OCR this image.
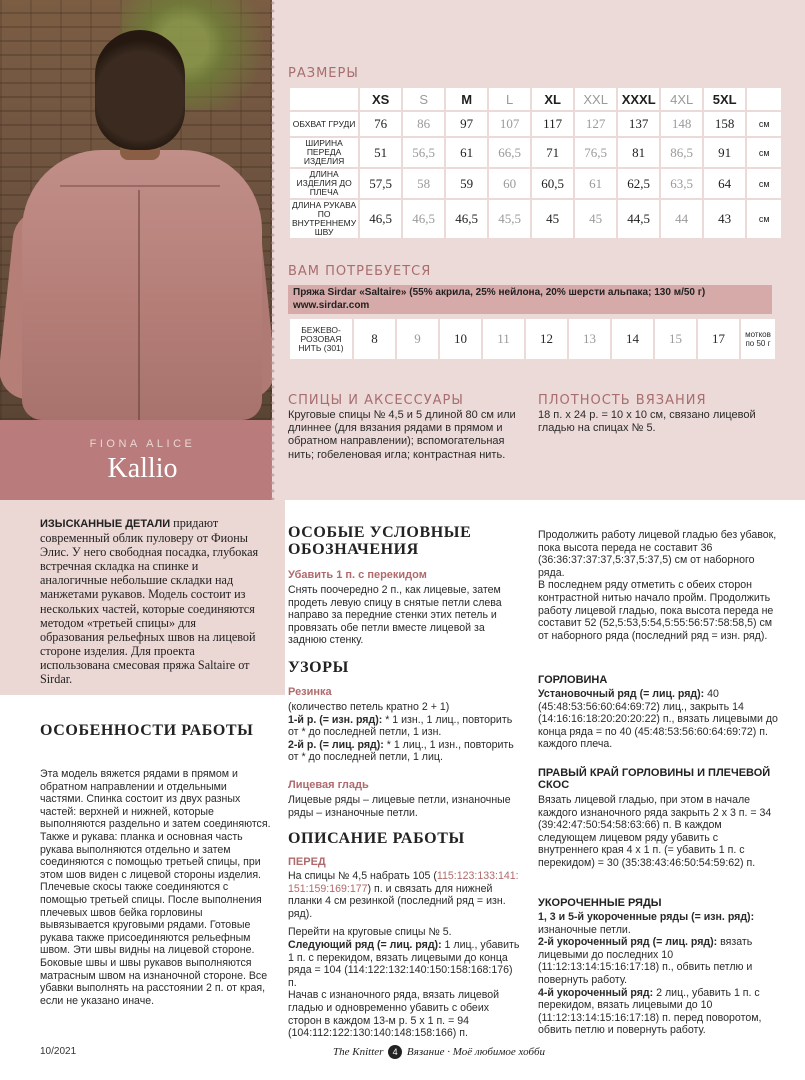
FIONA ALICE
Kallio
РАЗМЕРЫ
	XS	S	M	L	XL	XXL	XXXL	4XL	5XL	
ОБХВАТ ГРУДИ	76	86	97	107	117	127	137	148	158	см
ШИРИНА ПЕРЕДА ИЗДЕЛИЯ	51	56,5	61	66,5	71	76,5	81	86,5	91	см
ДЛИНА ИЗДЕЛИЯ ДО ПЛЕЧА	57,5	58	59	60	60,5	61	62,5	63,5	64	см
ДЛИНА РУКАВА ПО ВНУТРЕННЕМУ ШВУ	46,5	46,5	46,5	45,5	45	45	44,5	44	43	см
ВАМ ПОТРЕБУЕТСЯ
Пряжа Sirdar «Saltaire» (55% акрила, 25% нейлона, 20% шерсти альпака; 130 м/50 г)
www.sirdar.com
БЕЖЕВО-РОЗОВАЯ НИТЬ (301)	8	9	10	11	12	13	14	15	17	мотков по 50 г
СПИЦЫ И АКСЕССУАРЫ
Круговые спицы № 4,5 и 5 длиной 80 см или длиннее (для вязания рядами в прямом и обратном направлении); вспомогательная нить; гобеленовая игла; контрастная нить.
ПЛОТНОСТЬ ВЯЗАНИЯ
18 п. х 24 р. = 10 х 10 см, связано лицевой гладью на спицах № 5.

ИЗЫСКАННЫЕ ДЕТАЛИ придают современный облик пуловеру от Фионы Элис. У него свободная посадка, глубокая встречная складка на спинке и аналогичные небольшие складки над манжетами рукавов. Модель состоит из нескольких частей, которые соединяются методом «третьей спицы» для образования рельефных швов на лицевой стороне изделия. Для проекта использована смесовая пряжа Saltaire от Sirdar.

ОСОБЕННОСТИ РАБОТЫ
Эта модель вяжется рядами в прямом и обратном направлении и отдельными частями. Спинка состоит из двух разных частей: верхней и нижней, которые выполняются раздельно и затем соединяются. Также и рукава: планка и основная часть рукава выполняются отдельно и затем соединяются с помощью третьей спицы, при этом шов виден с лицевой стороны изделия.
Плечевые скосы также соединяются с помощью третьей спицы. После выполнения плечевых швов бейка горловины вывязывается круговыми рядами. Готовые рукава также присоединяются рельефным швом. Эти швы видны на лицевой стороне. Боковые швы и швы рукавов выполняются матрасным швом на изнаночной стороне. Все убавки выполнять на расстоянии 2 п. от края, если не указано иначе.
ОСОБЫЕ УСЛОВНЫЕ ОБОЗНАЧЕНИЯ
Убавить 1 п. с перекидом
Снять поочередно 2 п., как лицевые, затем продеть левую спицу в снятые петли слева направо за передние стенки этих петель и провязать обе петли вместе лицевой за заднюю стенку.
УЗОРЫ
Резинка
(количество петель кратно 2 + 1)
1-й р. (= изн. ряд): * 1 изн., 1 лиц., повторить от * до последней петли, 1 изн.
2-й р. (= лиц. ряд): * 1 лиц., 1 изн., повторить от * до последней петли, 1 лиц.
Лицевая гладь
Лицевые ряды – лицевые петли, изнаночные ряды – изнаночные петли.
ОПИСАНИЕ РАБОТЫ
ПЕРЕД
На спицы № 4,5 набрать 105 (115:123:133:141: 151:159:169:177) п. и связать для нижней планки 4 см резинкой (последний ряд = изн. ряд).
Перейти на круговые спицы № 5.
Следующий ряд (= лиц. ряд): 1 лиц., убавить 1 п. с перекидом, вязать лицевыми до конца ряда = 104 (114:122:132:140:150:158:168:176) п.
Начав с изнаночного ряда, вязать лицевой гладью и одновременно убавить с обеих сторон в каждом 13-м р. 5 х 1 п. = 94 (104:112:122:130:140:148:158:166) п.
Продолжить работу лицевой гладью без убавок, пока высота переда не составит 36 (36:36:37:37:37,5:37,5:37,5) см от наборного ряда.
В последнем ряду отметить с обеих сторон контрастной нитью начало пройм. Продолжить работу лицевой гладью, пока высота переда не составит 52 (52,5:53,5:54,5:55:56:57:58:58,5) см от наборного ряда (последний ряд = изн. ряд).
ГОРЛОВИНА
Установочный ряд (= лиц. ряд): 40 (45:48:53:56:60:64:69:72) лиц., закрыть 14 (14:16:16:18:20:20:20:22) п., вязать лицевыми до конца ряда = по 40 (45:48:53:56:60:64:69:72) п. каждого плеча.
ПРАВЫЙ КРАЙ ГОРЛОВИНЫ И ПЛЕЧЕВОЙ СКОС
Вязать лицевой гладью, при этом в начале каждого изнаночного ряда закрыть 2 х 3 п. = 34 (39:42:47:50:54:58:63:66) п. В каждом следующем лицевом ряду убавить с внутреннего края 4 х 1 п. (= убавить 1 п. с перекидом) = 30 (35:38:43:46:50:54:59:62) п.
УКОРОЧЕННЫЕ РЯДЫ
1, 3 и 5-й укороченные ряды (= изн. ряд): изнаночные петли.
2-й укороченный ряд (= лиц. ряд): вязать лицевыми до последних 10 (11:12:13:14:15:16:17:18) п., обвить петлю и повернуть работу.
4-й укороченный ряд: 2 лиц., убавить 1 п. с перекидом, вязать лицевыми до 10 (11:12:13:14:15:16:17:18) п. перед поворотом, обвить петлю и повернуть работу.
10/2021	The Knitter 4 Вязание · Моё любимое хобби
